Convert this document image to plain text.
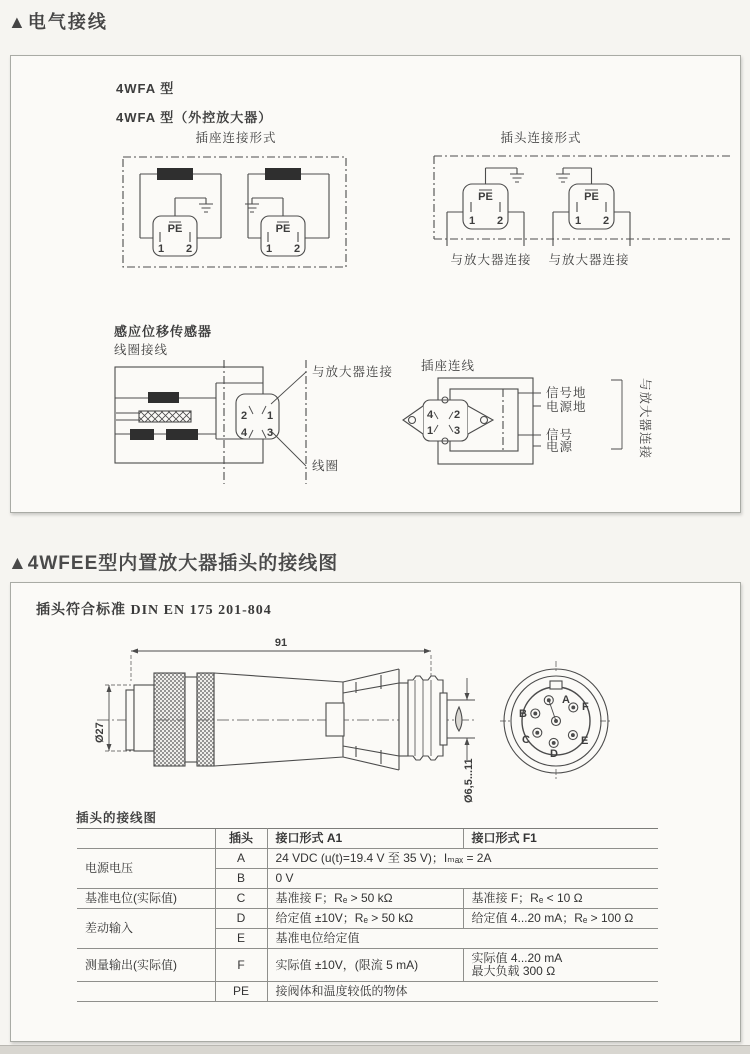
▲电气接线
4WFA 型
4WFA 型（外控放大器）
插座连接形式
PE
1 2
PE
1 2
插头连接形式
PE
1 2
PE
1 2
与放大器连接 与放大器连接
感应位移传感器
线圈接线
2 1
4 3
与放大器连接
线圈
插座连线
4 2
1 3
信号地
电源地
信号
电源	与放大器连接
▲4WFEE型内置放大器插头的接线图
插头符合标准 DIN EN 175 201-804
91
Ø27
Ø6,5...11
A
F
E
D
C
B
插头的接线图
	插头	接口形式 A1	接口形式 F1
电源电压	A	24 VDC (u(t)=19.4 V 至 35 V)；Iₘₐₓ = 2A	
	B	0 V	
基准电位(实际值)	C	基准接 F；Rₑ > 50 kΩ	基准接 F；Rₑ < 10 Ω
差动输入	D	给定值 ±10V；Rₑ > 50 kΩ	给定值 4...20 mA；Rₑ > 100 Ω
	E	基准电位给定值	
测量输出(实际值)	F	实际值 ±10V，(限流 5 mA)	实际值 4...20 mA
最大负载 300 Ω

	PE	接阀体和温度较低的物体	
